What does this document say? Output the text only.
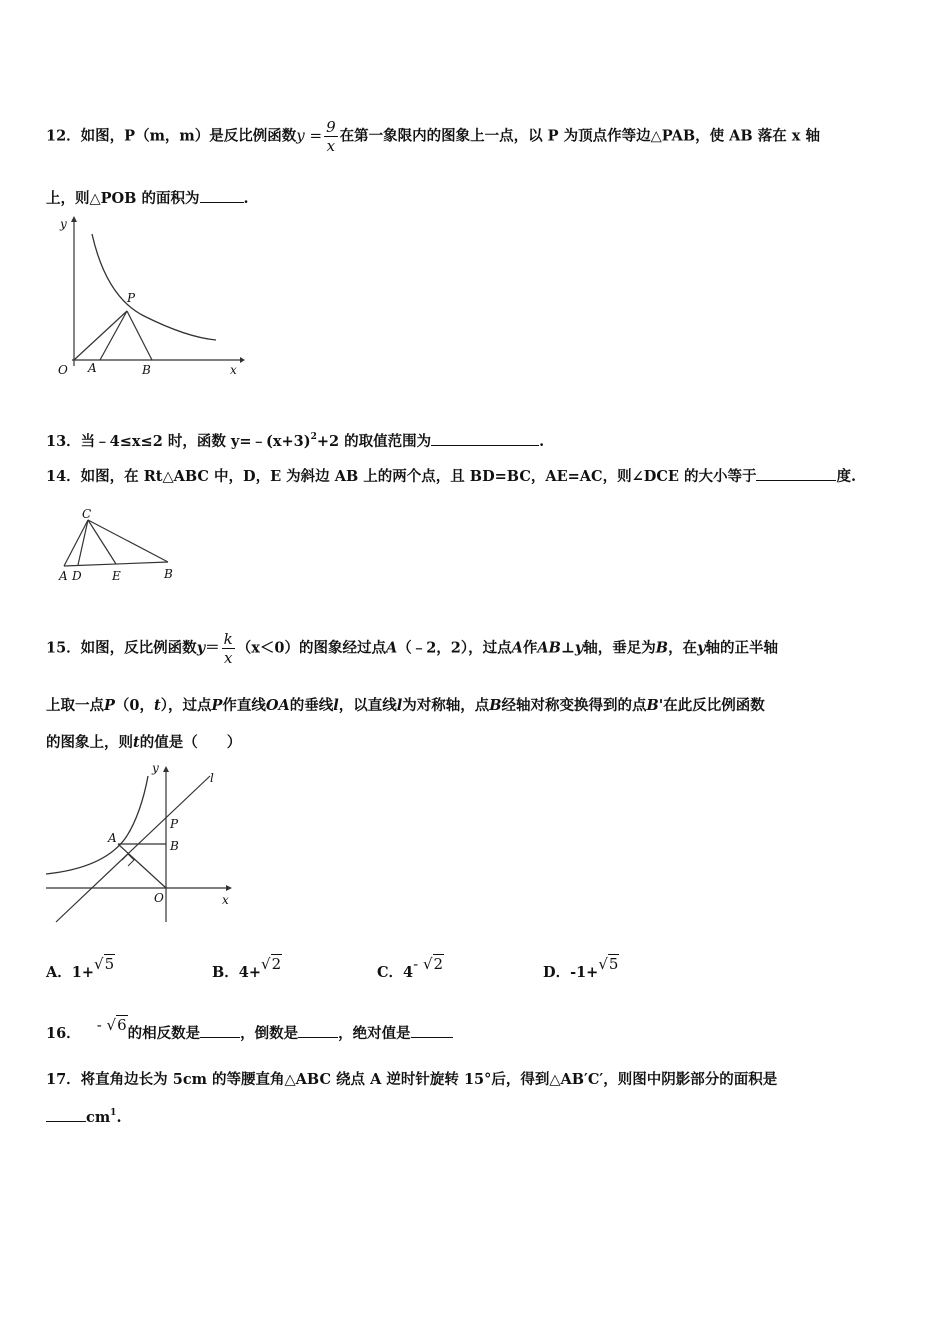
12．如图，P（m，m）是反比例函数$y = \frac{9}{x}$ 在第一象限内的图象上一点，以 P 为顶点作等边△PAB，使 AB 落在 x 轴
上，则△POB 的面积为	.
y
x
O A	B
P
13．当﹣4≤x≤2 时，函数 $y=﹣(x+3)^2+2$ 的取值范围为	.
14．如图，在 Rt△ABC 中，D，E 为斜边 AB 上的两个点，且 BD=BC，AE=AC，则∠DCE 的大小等于	度.
C
A D	E	B
15．如图，反比例函数$y= \frac{k}{x} (x<0)$的图象经过点A（﹣2，2），过点A作AB⊥y轴，垂足为B，在y轴的正半轴
上取一点P（0，t），过点P作直线OA的垂线l，以直线l为对称轴，点B经轴对称变换得到的点B'在此反比例函数
的图象上，则t的值是（　　）
y
x
l
P
A
B
O
A．1+√5	B．4+√2	C．4- √2	D．-1+√5
16． - √6的相反数是	，倒数是	，绝对值是
17．将直角边长为 5cm 的等腰直角△ABC 绕点 A 逆时针旋转 15°后，得到△AB′C′，则图中阴影部分的面积是
$cm^1$.
